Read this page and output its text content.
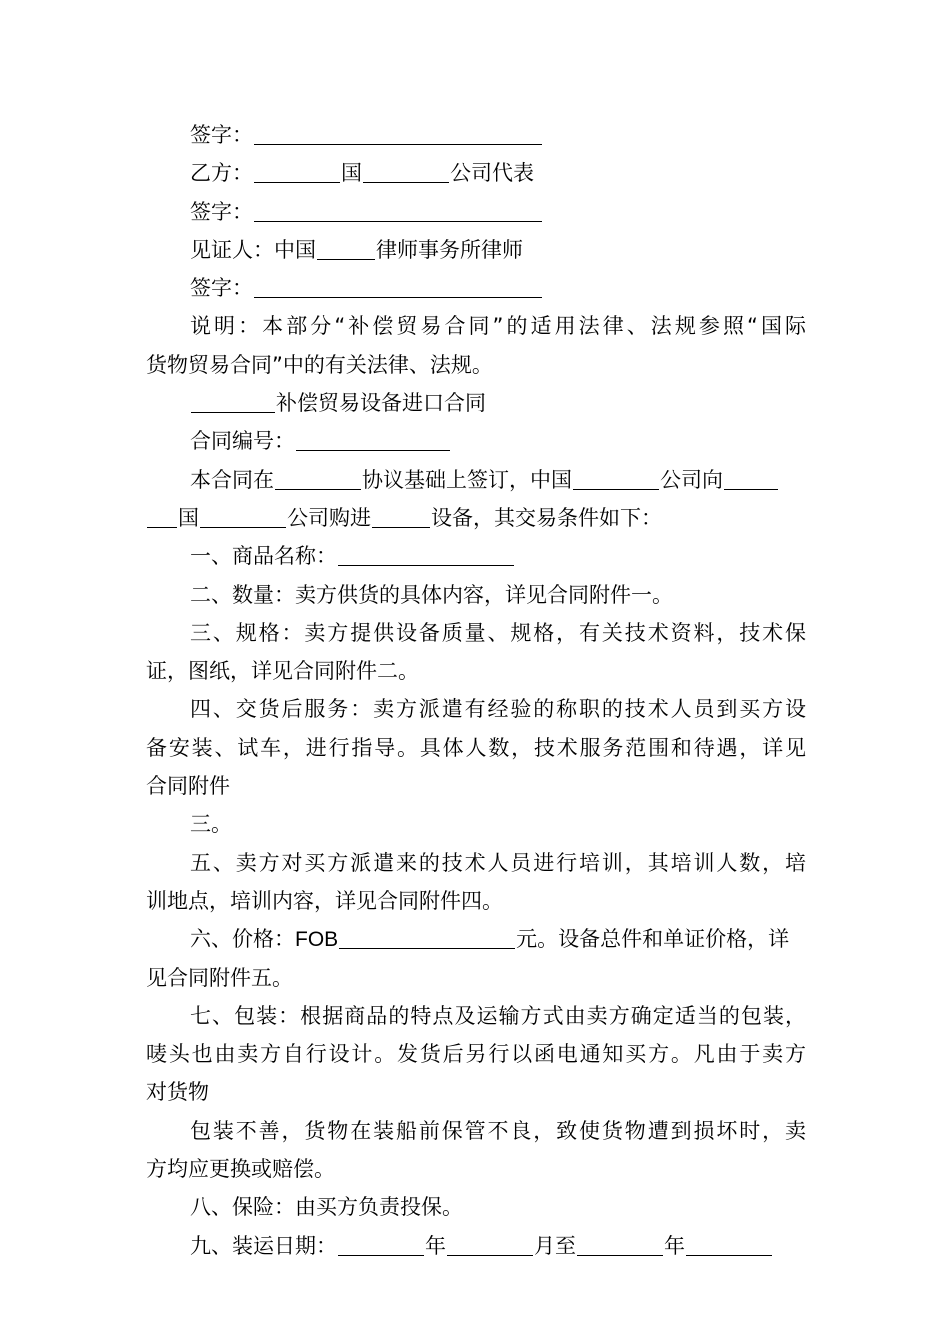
签字：
乙方：	国	公司代表
签字：
见证人：中国	律师事务所律师
签字：
说明：本部分“补偿贸易合同”的适用法律、法规参照“国际
货物贸易合同”中的有关法律、法规。
补偿贸易设备进口合同
合同编号：
本合同在	协议基础上签订，中国	公司向
国	公司购进	设备，其交易条件如下：
一、商品名称：
二、数量：卖方供货的具体内容，详见合同附件一。
三、规格：卖方提供设备质量、规格，有关技术资料，技术保
证，图纸，详见合同附件二。
四、交货后服务：卖方派遣有经验的称职的技术人员到买方设
备安装、试车，进行指导。具体人数，技术服务范围和待遇，详见
合同附件
三。
五、卖方对买方派遣来的技术人员进行培训，其培训人数，培
训地点，培训内容，详见合同附件四。
六、价格：FOB	元。设备总件和单证价格，详
见合同附件五。
七、包装：根据商品的特点及运输方式由卖方确定适当的包装，
唛头也由卖方自行设计。发货后另行以函电通知买方。凡由于卖方
对货物
包装不善，货物在装船前保管不良，致使货物遭到损坏时，卖
方均应更换或赔偿。
八、保险：由买方负责投保。
九、装运日期：	年	月至	年
